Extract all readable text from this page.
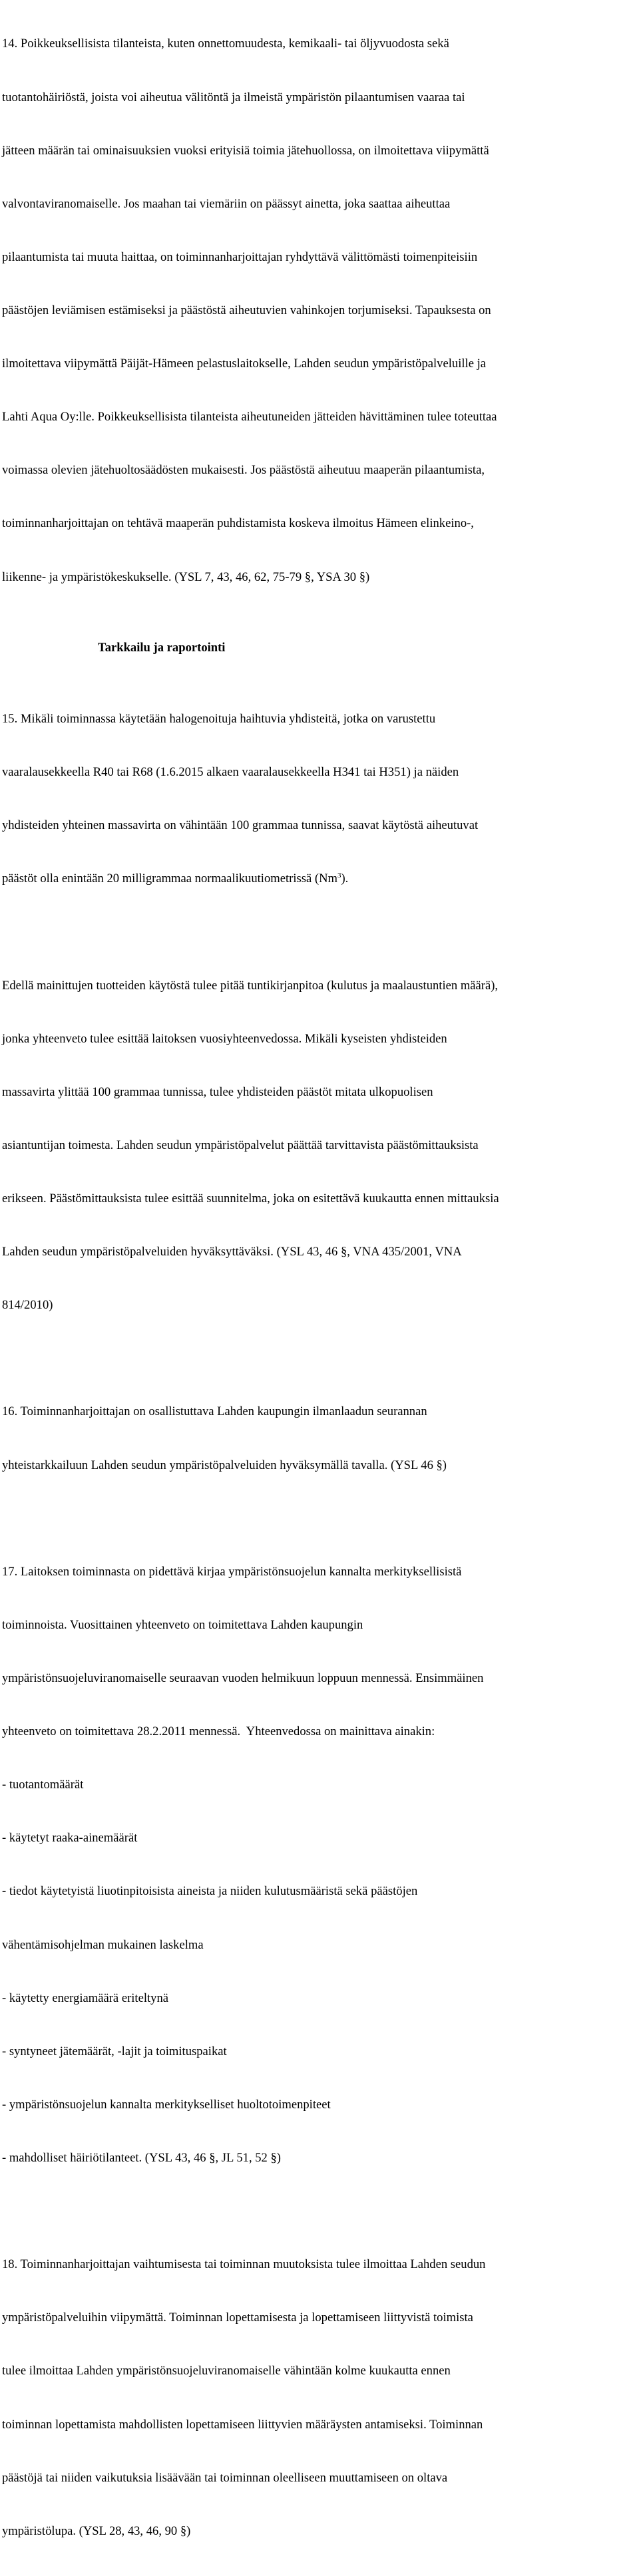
14. Poikkeuksellisista tilanteista, kuten onnettomuudesta, kemikaali- tai öljyvuodosta sekä

tuotantohäiriöstä, joista voi aiheutua välitöntä ja ilmeistä ympäristön pilaantumisen vaaraa tai

jätteen määrän tai ominaisuuksien vuoksi erityisiä toimia jätehuollossa, on ilmoitettava viipymättä

valvontaviranomaiselle. Jos maahan tai viemäriin on päässyt ainetta, joka saattaa aiheuttaa

pilaantumista tai muuta haittaa, on toiminnanharjoittajan ryhdyttävä välittömästi toimenpiteisiin

päästöjen leviämisen estämiseksi ja päästöstä aiheutuvien vahinkojen torjumiseksi. Tapauksesta on

ilmoitettava viipymättä Päijät-Hämeen pelastuslaitokselle, Lahden seudun ympäristöpalveluille ja

Lahti Aqua Oy:lle. Poikkeuksellisista tilanteista aiheutuneiden jätteiden hävittäminen tulee toteuttaa

voimassa olevien jätehuoltosäädösten mukaisesti. Jos päästöstä aiheutuu maaperän pilaantumista,

toiminnanharjoittajan on tehtävä maaperän puhdistamista koskeva ilmoitus Hämeen elinkeino-,

liikenne- ja ympäristökeskukselle. (YSL 7, 43, 46, 62, 75-79 §, YSA 30 §)

Tarkkailu ja raportointi

15. Mikäli toiminnassa käytetään halogenoituja haihtuvia yhdisteitä, jotka on varustettu

vaaralausekkeella R40 tai R68 (1.6.2015 alkaen vaaralausekkeella H341 tai H351) ja näiden

yhdisteiden yhteinen massavirta on vähintään 100 grammaa tunnissa, saavat käytöstä aiheutuvat

päästöt olla enintään 20 milligrammaa normaalikuutiometrissä (Nm$^3$).

Edellä mainittujen tuotteiden käytöstä tulee pitää tuntikirjanpitoa (kulutus ja maalaustuntien määrä),

jonka yhteenveto tulee esittää laitoksen vuosiyhteenvedossa. Mikäli kyseisten yhdisteiden

massavirta ylittää 100 grammaa tunnissa, tulee yhdisteiden päästöt mitata ulkopuolisen

asiantuntijan toimesta. Lahden seudun ympäristöpalvelut päättää tarvittavista päästömittauksista

erikseen. Päästömittauksista tulee esittää suunnitelma, joka on esitettävä kuukautta ennen mittauksia

Lahden seudun ympäristöpalveluiden hyväksyttäväksi. (YSL 43, 46 §, VNA 435/2001, VNA

814/2010)

16. Toiminnanharjoittajan on osallistuttava Lahden kaupungin ilmanlaadun seurannan

yhteistarkkailuun Lahden seudun ympäristöpalveluiden hyväksymällä tavalla. (YSL 46 §)

17. Laitoksen toiminnasta on pidettävä kirjaa ympäristönsuojelun kannalta merkityksellisistä

toiminnoista. Vuosittainen yhteenveto on toimitettava Lahden kaupungin

ympäristönsuojeluviranomaiselle seuraavan vuoden helmikuun loppuun mennessä. Ensimmäinen

yhteenveto on toimitettava 28.2.2011 mennessä.  Yhteenvedossa on mainittava ainakin:

- tuotantomäärät

- käytetyt raaka-ainemäärät

- tiedot käytetyistä liuotinpitoisista aineista ja niiden kulutusmääristä sekä päästöjen

vähentämisohjelman mukainen laskelma

- käytetty energiamäärä eriteltynä

- syntyneet jätemäärät, -lajit ja toimituspaikat

- ympäristönsuojelun kannalta merkitykselliset huoltotoimenpiteet

- mahdolliset häiriötilanteet. (YSL 43, 46 §, JL 51, 52 §)

18. Toiminnanharjoittajan vaihtumisesta tai toiminnan muutoksista tulee ilmoittaa Lahden seudun

ympäristöpalveluihin viipymättä. Toiminnan lopettamisesta ja lopettamiseen liittyvistä toimista

tulee ilmoittaa Lahden ympäristönsuojeluviranomaiselle vähintään kolme kuukautta ennen

toiminnan lopettamista mahdollisten lopettamiseen liittyvien määräysten antamiseksi. Toiminnan

päästöjä tai niiden vaikutuksia lisäävään tai toiminnan oleelliseen muuttamiseen on oltava

ympäristölupa. (YSL 28, 43, 46, 90 §)
